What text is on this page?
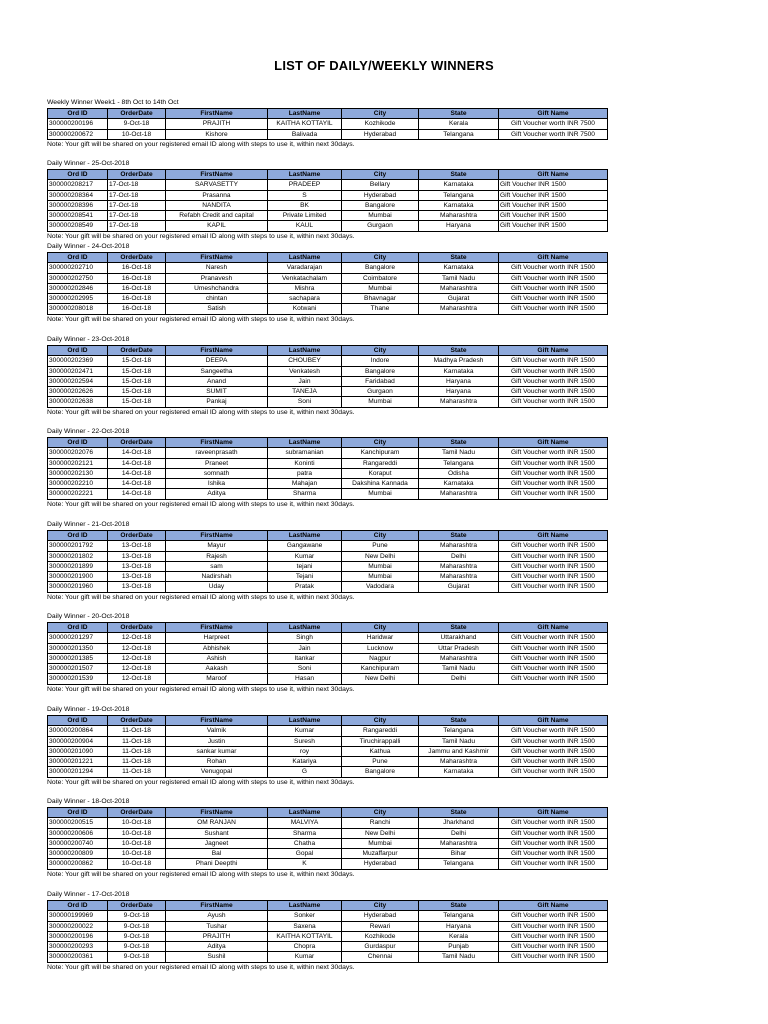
LIST OF DAILY/WEEKLY WINNERS
Weekly Winner Week1 - 8th Oct to 14th Oct
Ord ID	OrderDate	FirstName	LastName	City	State	Gift Name
300000200196	9-Oct-18	PRAJITH	KAITHA KOTTAYIL	Kozhikode	Kerala	Gift Voucher worth INR 7500
300000200672	10-Oct-18	Kishore	Balivada	Hyderabad	Telangana	Gift Voucher worth INR 7500
Note: Your gift will be shared on your registered email ID along with steps to use it, within next 30days.
Daily Winner - 25-Oct-2018
Ord ID	OrderDate	FirstName	LastName	City	State	Gift Name
300000208217	17-Oct-18	SARVASETTY	PRADEEP	Bellary	Karnataka	Gift Voucher INR 1500
300000208364	17-Oct-18	Prasanna	S	Hyderabad	Telangana	Gift Voucher INR 1500
300000208396	17-Oct-18	NANDITA	BK	Bangalore	Karnataka	Gift Voucher INR 1500
300000208541	17-Oct-18	Refabh Credit and capital	Private Limited	Mumbai	Maharashtra	Gift Voucher INR 1500
300000208549	17-Oct-18	KAPIL	KAUL	Gurgaon	Haryana	Gift Voucher INR 1500
Note: Your gift will be shared on your registered email ID along with steps to use it, within next 30days.
Daily Winner - 24-Oct-2018
Ord ID	OrderDate	FirstName	LastName	City	State	Gift Name
300000202710	16-Oct-18	Naresh	Varadarajan	Bangalore	Karnataka	Gift Voucher worth INR 1500
300000202750	16-Oct-18	Pranavesh	Venkatachalam	Coimbatore	Tamil Nadu	Gift Voucher worth INR 1500
300000202846	16-Oct-18	Umeshchandra	Mishra	Mumbai	Maharashtra	Gift Voucher worth INR 1500
300000202995	16-Oct-18	chintan	sachapara	Bhavnagar	Gujarat	Gift Voucher worth INR 1500
300000208018	16-Oct-18	Satish	Kotwani	Thane	Maharashtra	Gift Voucher worth INR 1500
Note: Your gift will be shared on your registered email ID along with steps to use it, within next 30days.
Daily Winner - 23-Oct-2018
Ord ID	OrderDate	FirstName	LastName	City	State	Gift Name
300000202369	15-Oct-18	DEEPA	CHOUBEY	Indore	Madhya Pradesh	Gift Voucher worth INR 1500
300000202471	15-Oct-18	Sangeetha	Venkatesh	Bangalore	Karnataka	Gift Voucher worth INR 1500
300000202594	15-Oct-18	Anand	Jain	Faridabad	Haryana	Gift Voucher worth INR 1500
300000202626	15-Oct-18	SUMIT	TANEJA	Gurgaon	Haryana	Gift Voucher worth INR 1500
300000202638	15-Oct-18	Pankaj	Soni	Mumbai	Maharashtra	Gift Voucher worth INR 1500
Note: Your gift will be shared on your registered email ID along with steps to use it, within next 30days.
Daily Winner - 22-Oct-2018
Ord ID	OrderDate	FirstName	LastName	City	State	Gift Name
300000202076	14-Oct-18	raveenprasath	subramanian	Kanchipuram	Tamil Nadu	Gift Voucher worth INR 1500
300000202121	14-Oct-18	Praneet	Koninti	Rangareddi	Telangana	Gift Voucher worth INR 1500
300000202130	14-Oct-18	somnath	patra	Koraput	Odisha	Gift Voucher worth INR 1500
300000202210	14-Oct-18	Ishika	Mahajan	Dakshina Kannada	Karnataka	Gift Voucher worth INR 1500
300000202221	14-Oct-18	Aditya	Sharma	Mumbai	Maharashtra	Gift Voucher worth INR 1500
Note: Your gift will be shared on your registered email ID along with steps to use it, within next 30days.
Daily Winner - 21-Oct-2018
Ord ID	OrderDate	FirstName	LastName	City	State	Gift Name
300000201792	13-Oct-18	Mayur	Gangawane	Pune	Maharashtra	Gift Voucher worth INR 1500
300000201802	13-Oct-18	Rajesh	Kumar	New Delhi	Delhi	Gift Voucher worth INR 1500
300000201899	13-Oct-18	sam	tejani	Mumbai	Maharashtra	Gift Voucher worth INR 1500
300000201900	13-Oct-18	Nadirshah	Tejani	Mumbai	Maharashtra	Gift Voucher worth INR 1500
300000201960	13-Oct-18	Uday	Pratak	Vadodara	Gujarat	Gift Voucher worth INR 1500
Note: Your gift will be shared on your registered email ID along with steps to use it, within next 30days.
Daily Winner - 20-Oct-2018
Ord ID	OrderDate	FirstName	LastName	City	State	Gift Name
300000201297	12-Oct-18	Harpreet	Singh	Haridwar	Uttarakhand	Gift Voucher worth INR 1500
300000201350	12-Oct-18	Abhishek	Jain	Lucknow	Uttar Pradesh	Gift Voucher worth INR 1500
300000201385	12-Oct-18	Ashish	Itankar	Nagpur	Maharashtra	Gift Voucher worth INR 1500
300000201507	12-Oct-18	Aakash	Soni	Kanchipuram	Tamil Nadu	Gift Voucher worth INR 1500
300000201539	12-Oct-18	Maroof	Hasan	New Delhi	Delhi	Gift Voucher worth INR 1500
Note: Your gift will be shared on your registered email ID along with steps to use it, within next 30days.
Daily Winner - 19-Oct-2018
Ord ID	OrderDate	FirstName	LastName	City	State	Gift Name
300000200864	11-Oct-18	Valmik	Kumar	Rangareddi	Telangana	Gift Voucher worth INR 1500
300000200904	11-Oct-18	Justin	Suresh	Tiruchirappalli	Tamil Nadu	Gift Voucher worth INR 1500
300000201090	11-Oct-18	sankar kumar	roy	Kathua	Jammu and Kashmir	Gift Voucher worth INR 1500
300000201221	11-Oct-18	Rohan	Katariya	Pune	Maharashtra	Gift Voucher worth INR 1500
300000201294	11-Oct-18	Venugopal	G	Bangalore	Karnataka	Gift Voucher worth INR 1500
Note: Your gift will be shared on your registered email ID along with steps to use it, within next 30days.
Daily Winner - 18-Oct-2018
Ord ID	OrderDate	FirstName	LastName	City	State	Gift Name
300000200515	10-Oct-18	OM RANJAN	MALVIYA	Ranchi	Jharkhand	Gift Voucher worth INR 1500
300000200606	10-Oct-18	Sushant	Sharma	New Delhi	Delhi	Gift Voucher worth INR 1500
300000200740	10-Oct-18	Jagneet	Chatha	Mumbai	Maharashtra	Gift Voucher worth INR 1500
300000200809	10-Oct-18	Bal	Gopal	Muzaffarpur	Bihar	Gift Voucher worth INR 1500
300000200862	10-Oct-18	Phani Deepthi	K	Hyderabad	Telangana	Gift Voucher worth INR 1500
Note: Your gift will be shared on your registered email ID along with steps to use it, within next 30days.
Daily Winner - 17-Oct-2018
Ord ID	OrderDate	FirstName	LastName	City	State	Gift Name
300000199969	9-Oct-18	Ayush	Sonker	Hyderabad	Telangana	Gift Voucher worth INR 1500
300000200022	9-Oct-18	Tushar	Saxena	Rewari	Haryana	Gift Voucher worth INR 1500
300000200196	9-Oct-18	PRAJITH	KAITHA KOTTAYIL	Kozhikode	Kerala	Gift Voucher worth INR 1500
300000200293	9-Oct-18	Aditya	Chopra	Gurdaspur	Punjab	Gift Voucher worth INR 1500
300000200361	9-Oct-18	Sushil	Kumar	Chennai	Tamil Nadu	Gift Voucher worth INR 1500
Note: Your gift will be shared on your registered email ID along with steps to use it, within next 30days.
